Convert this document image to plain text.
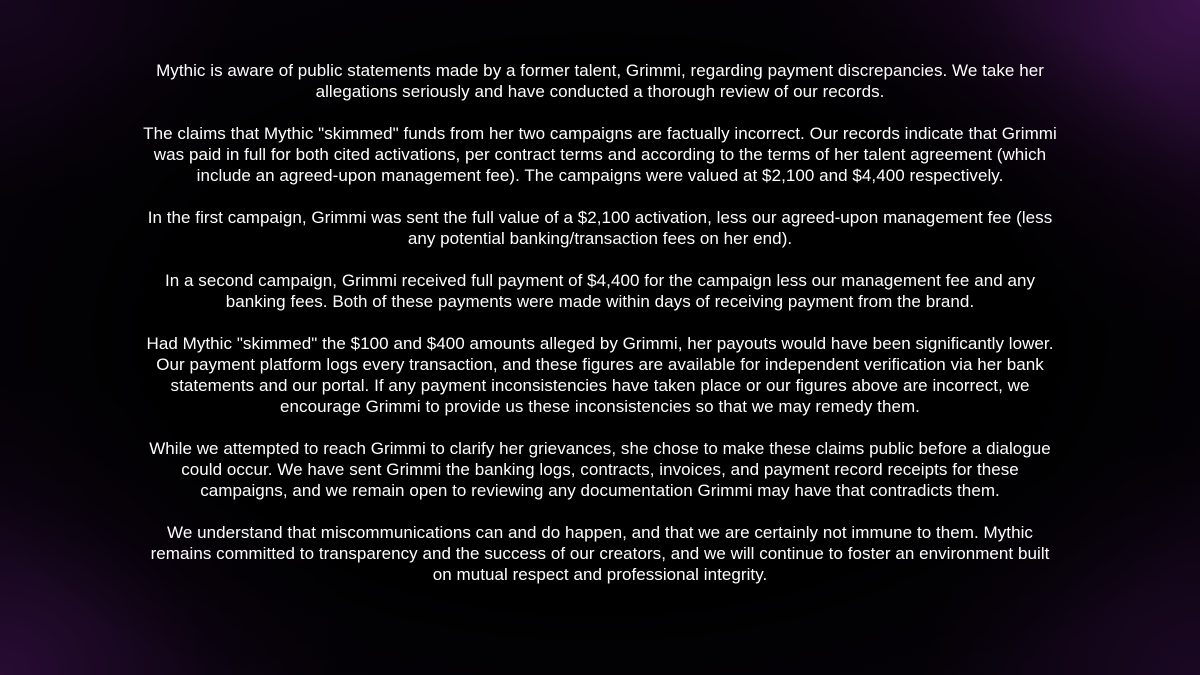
Mythic is aware of public statements made by a former talent, Grimmi, regarding payment discrepancies. We take her allegations seriously and have conducted a thorough review of our records.

The claims that Mythic "skimmed" funds from her two campaigns are factually incorrect. Our records indicate that Grimmi was paid in full for both cited activations, per contract terms and according to the terms of her talent agreement (which include an agreed-upon management fee). The campaigns were valued at $2,100 and $4,400 respectively.

In the first campaign, Grimmi was sent the full value of a $2,100 activation, less our agreed-upon management fee (less any potential banking/transaction fees on her end).

In a second campaign, Grimmi received full payment of $4,400 for the campaign less our management fee and any banking fees. Both of these payments were made within days of receiving payment from the brand.

Had Mythic "skimmed" the $100 and $400 amounts alleged by Grimmi, her payouts would have been significantly lower. Our payment platform logs every transaction, and these figures are available for independent verification via her bank statements and our portal. If any payment inconsistencies have taken place or our figures above are incorrect, we encourage Grimmi to provide us these inconsistencies so that we may remedy them.

While we attempted to reach Grimmi to clarify her grievances, she chose to make these claims public before a dialogue could occur. We have sent Grimmi the banking logs, contracts, invoices, and payment record receipts for these campaigns, and we remain open to reviewing any documentation Grimmi may have that contradicts them.

We understand that miscommunications can and do happen, and that we are certainly not immune to them. Mythic remains committed to transparency and the success of our creators, and we will continue to foster an environment built on mutual respect and professional integrity.
